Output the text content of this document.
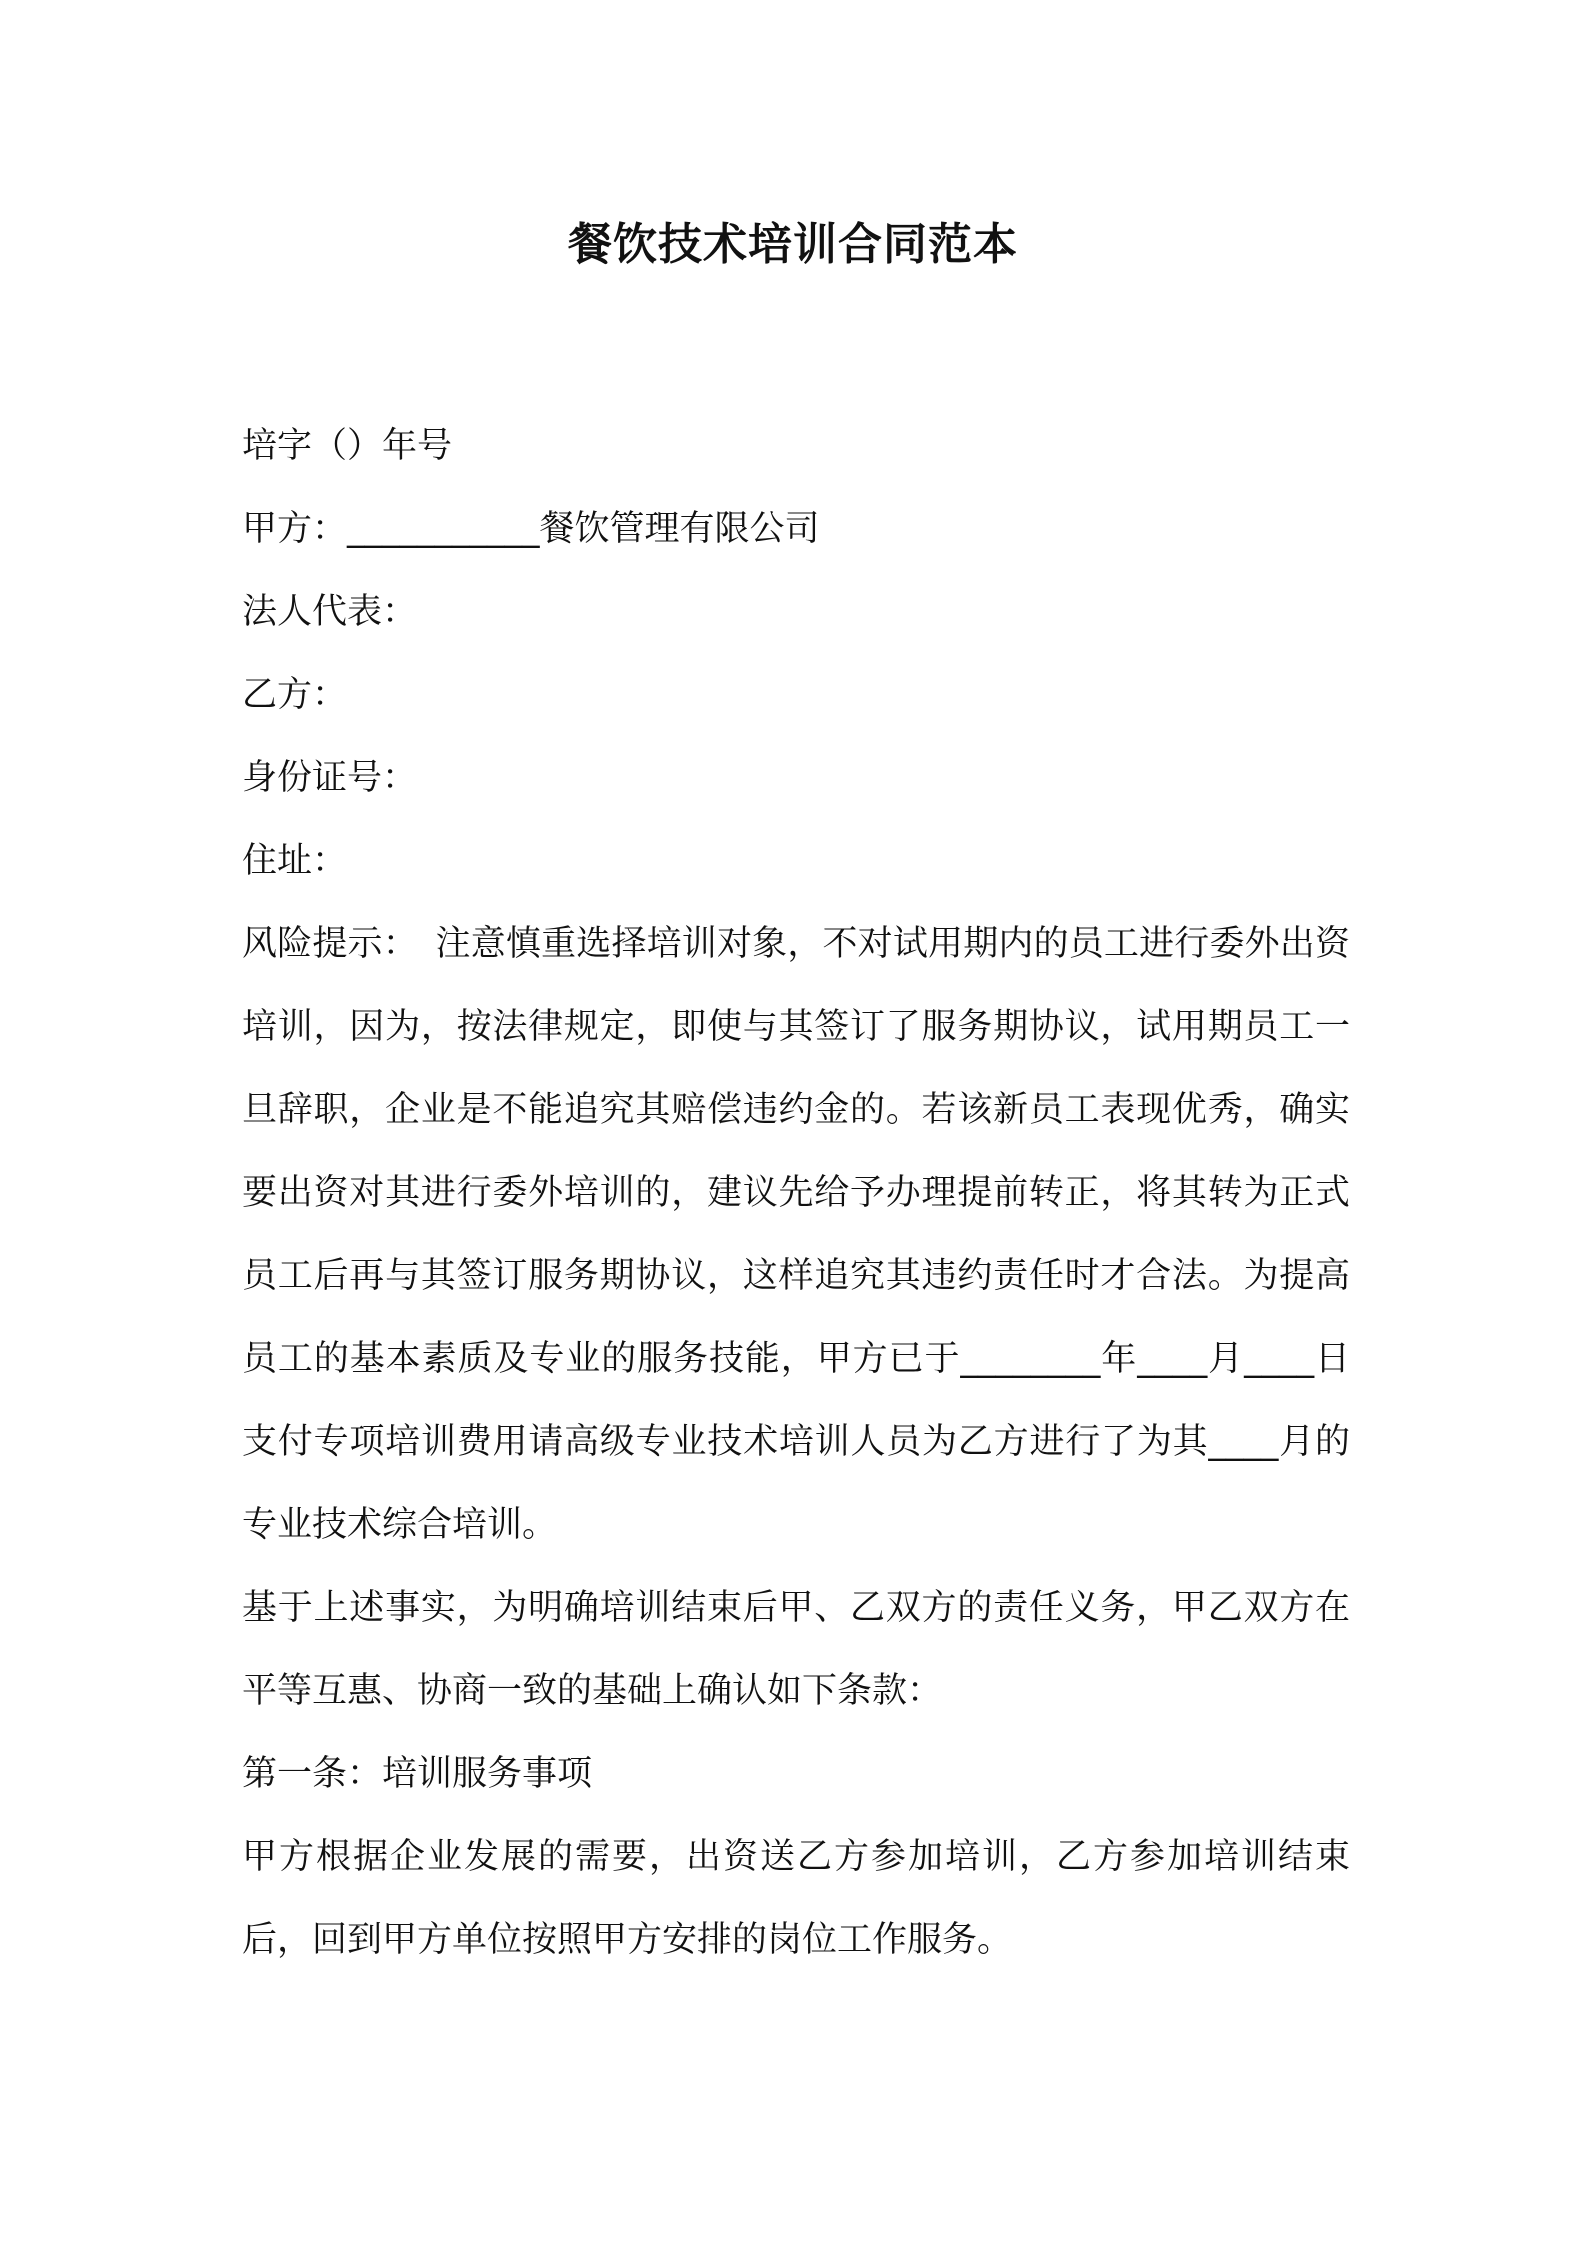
餐饮技术培训合同范本
培字（）年号
甲方：___________餐饮管理有限公司
法人代表：
乙方：
身份证号：
住址：
风险提示：　注意慎重选择培训对象，不对试用期内的员工进行委外出资培训，因为，按法律规定，即使与其签订了服务期协议，试用期员工一旦辞职，企业是不能追究其赔偿违约金的。若该新员工表现优秀，确实要出资对其进行委外培训的，建议先给予办理提前转正，将其转为正式员工后再与其签订服务期协议，这样追究其违约责任时才合法。为提高员工的基本素质及专业的服务技能，甲方已于________年____月____日支付专项培训费用请高级专业技术培训人员为乙方进行了为其____月的专业技术综合培训。
基于上述事实，为明确培训结束后甲、乙双方的责任义务，甲乙双方在平等互惠、协商一致的基础上确认如下条款：
第一条：培训服务事项
甲方根据企业发展的需要，出资送乙方参加培训，乙方参加培训结束后，回到甲方单位按照甲方安排的岗位工作服务。
